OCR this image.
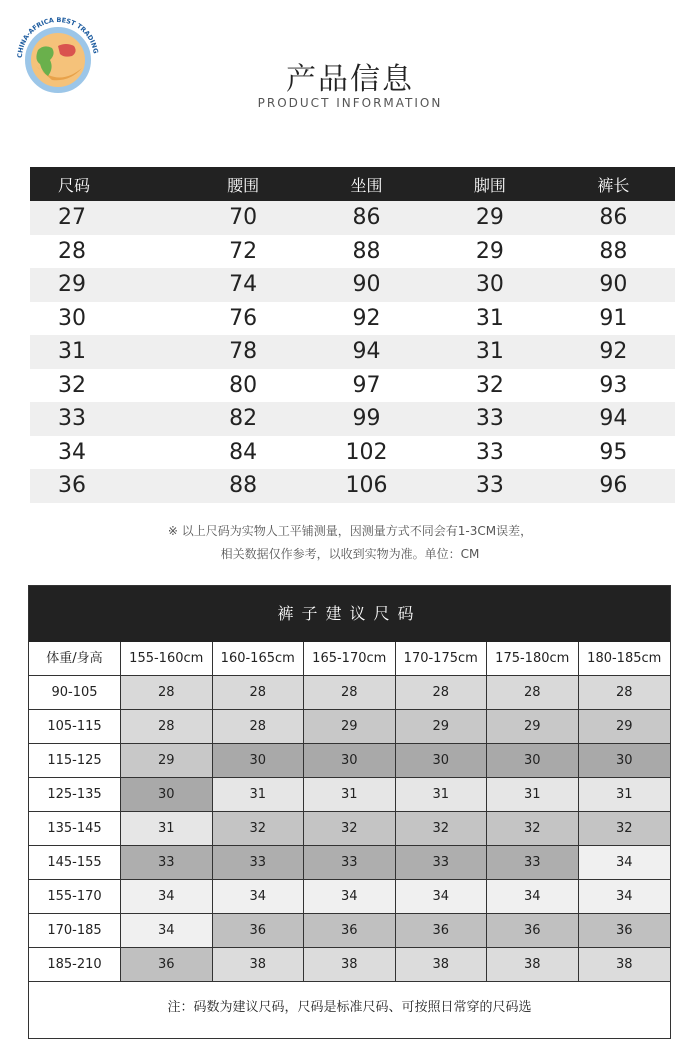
CHINA-AFRICA BEST TRADING
产品信息
PRODUCT INFORMATION
尺码	腰围	坐围	脚围	裤长
27	70	86	29	86
28	72	88	29	88
29	74	90	30	90
30	76	92	31	91
31	78	94	31	92
32	80	97	32	93
33	82	99	33	94
34	84	102	33	95
36	88	106	33	96
※ 以上尺码为实物人工平铺测量，因测量方式不同会有1-3CM误差，
相关数据仅作参考，以收到实物为准。单位：CM
裤子建议尺码
体重/身高	155-160cm	160-165cm	165-170cm	170-175cm	175-180cm	180-185cm
90-105	28	28	28	28	28	28
105-115	28	28	29	29	29	29
115-125	29	30	30	30	30	30
125-135	30	31	31	31	31	31
135-145	31	32	32	32	32	32
145-155	33	33	33	33	33	34
155-170	34	34	34	34	34	34
170-185	34	36	36	36	36	36
185-210	36	38	38	38	38	38
注：码数为建议尺码，尺码是标准尺码、可按照日常穿的尺码选
